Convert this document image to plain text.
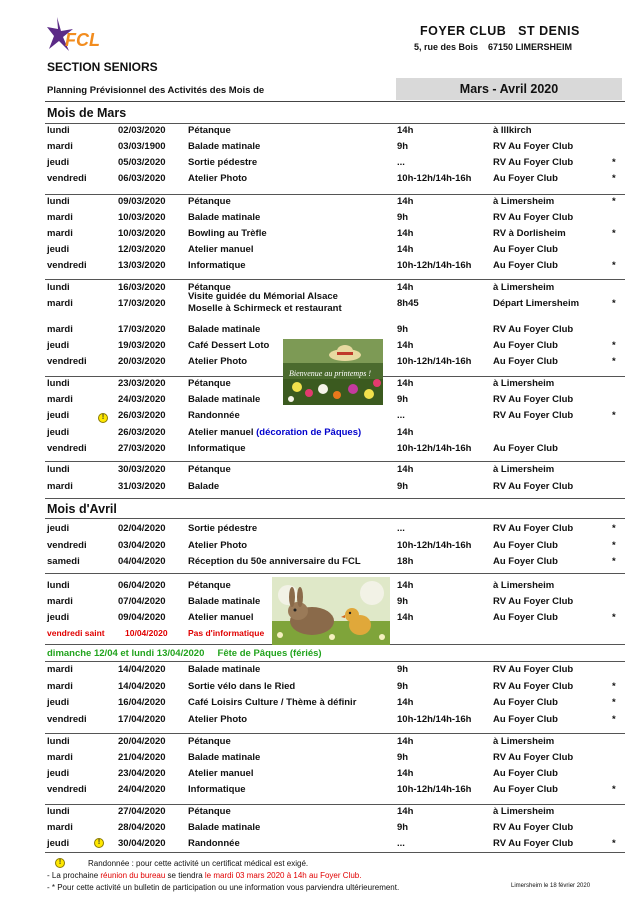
FCL	FOYER CLUB   ST DENIS
5, rue des Bois    67150 LIMERSHEIM
SECTION SENIORS
Planning Prévisionnel des Activités des Mois de	Mars - Avril 2020
Mois de Mars
Mois d'Avril
lundi	02/03/2020 Pétanque	14h	à Illkirch
mardi	03/03/1900 Balade matinale	9h	RV Au Foyer Club
jeudi	05/03/2020 Sortie pédestre	...	RV Au Foyer Club	*
vendredi	06/03/2020 Atelier Photo	10h-12h/14h-16h Au Foyer Club	*
lundi	09/03/2020 Pétanque	14h	à Limersheim	*
mardi	10/03/2020 Balade matinale	9h	RV Au Foyer Club
mardi	10/03/2020 Bowling au Trèfle	14h	RV à Dorlisheim	*
jeudi	12/03/2020 Atelier manuel	14h	Au Foyer Club
vendredi	13/03/2020 Informatique	10h-12h/14h-16h Au Foyer Club	*
lundi	16/03/2020 Pétanque	14h	à Limersheim
mardi	17/03/2020
Visite guidée du Mémorial Alsace
Moselle à Schirmeck et restaurant	8h45	Départ Limersheim	*
mardi	17/03/2020 Balade matinale	9h	RV Au Foyer Club
jeudi	19/03/2020 Café Dessert Loto	14h	Au Foyer Club	*
vendredi	20/03/2020 Atelier Photo	10h-12h/14h-16h Au Foyer Club	*
lundi	23/03/2020 Pétanque	14h	à Limersheim
mardi	24/03/2020 Balade matinale	9h	RV Au Foyer Club
jeudi	26/03/2020 Randonnée	...	RV Au Foyer Club	*
jeudi	26/03/2020 Atelier manuel (décoration de Pâques)	14h
vendredi	27/03/2020 Informatique	10h-12h/14h-16h Au Foyer Club
lundi	30/03/2020 Pétanque	14h	à Limersheim
mardi	31/03/2020 Balade	9h	RV Au Foyer Club
jeudi	02/04/2020 Sortie pédestre	...	RV Au Foyer Club	*
vendredi	03/04/2020 Atelier Photo	10h-12h/14h-16h Au Foyer Club	*
samedi	04/04/2020 Réception du 50e anniversaire du FCL	18h	Au Foyer Club	*
lundi	06/04/2020 Pétanque	14h	à Limersheim
mardi	07/04/2020 Balade matinale	9h	RV Au Foyer Club
jeudi	09/04/2020 Atelier manuel	14h	Au Foyer Club	*
vendredi saint 10/04/2020 Pas d'informatique
mardi	14/04/2020 Balade matinale	9h	RV Au Foyer Club
mardi	14/04/2020 Sortie vélo dans le Ried	9h	RV Au Foyer Club	*
jeudi	16/04/2020 Café Loisirs Culture / Thème à définir	14h	Au Foyer Club	*
vendredi	17/04/2020 Atelier Photo	10h-12h/14h-16h Au Foyer Club	*
lundi	20/04/2020 Pétanque	14h	à Limersheim
mardi	21/04/2020 Balade matinale	9h	RV Au Foyer Club
jeudi	23/04/2020 Atelier manuel	14h	Au Foyer Club
vendredi	24/04/2020 Informatique	10h-12h/14h-16h Au Foyer Club	*
lundi	27/04/2020 Pétanque	14h	à Limersheim
mardi	28/04/2020 Balade matinale	9h	RV Au Foyer Club
jeudi	30/04/2020 Randonnée	...	RV Au Foyer Club	*
dimanche 12/04 et lundi 13/04/2020     Fête de Pâques (fériés)
!
!
Bienvenue au printemps !
!	Randonnée : pour cette activité un certificat médical est exigé.
- La prochaine réunion du bureau se tiendra le mardi 03 mars 2020 à 14h au Foyer Club.
- * Pour cette activité un bulletin de participation ou une information vous parviendra ultérieurement.	Limersheim le 18 février 2020
